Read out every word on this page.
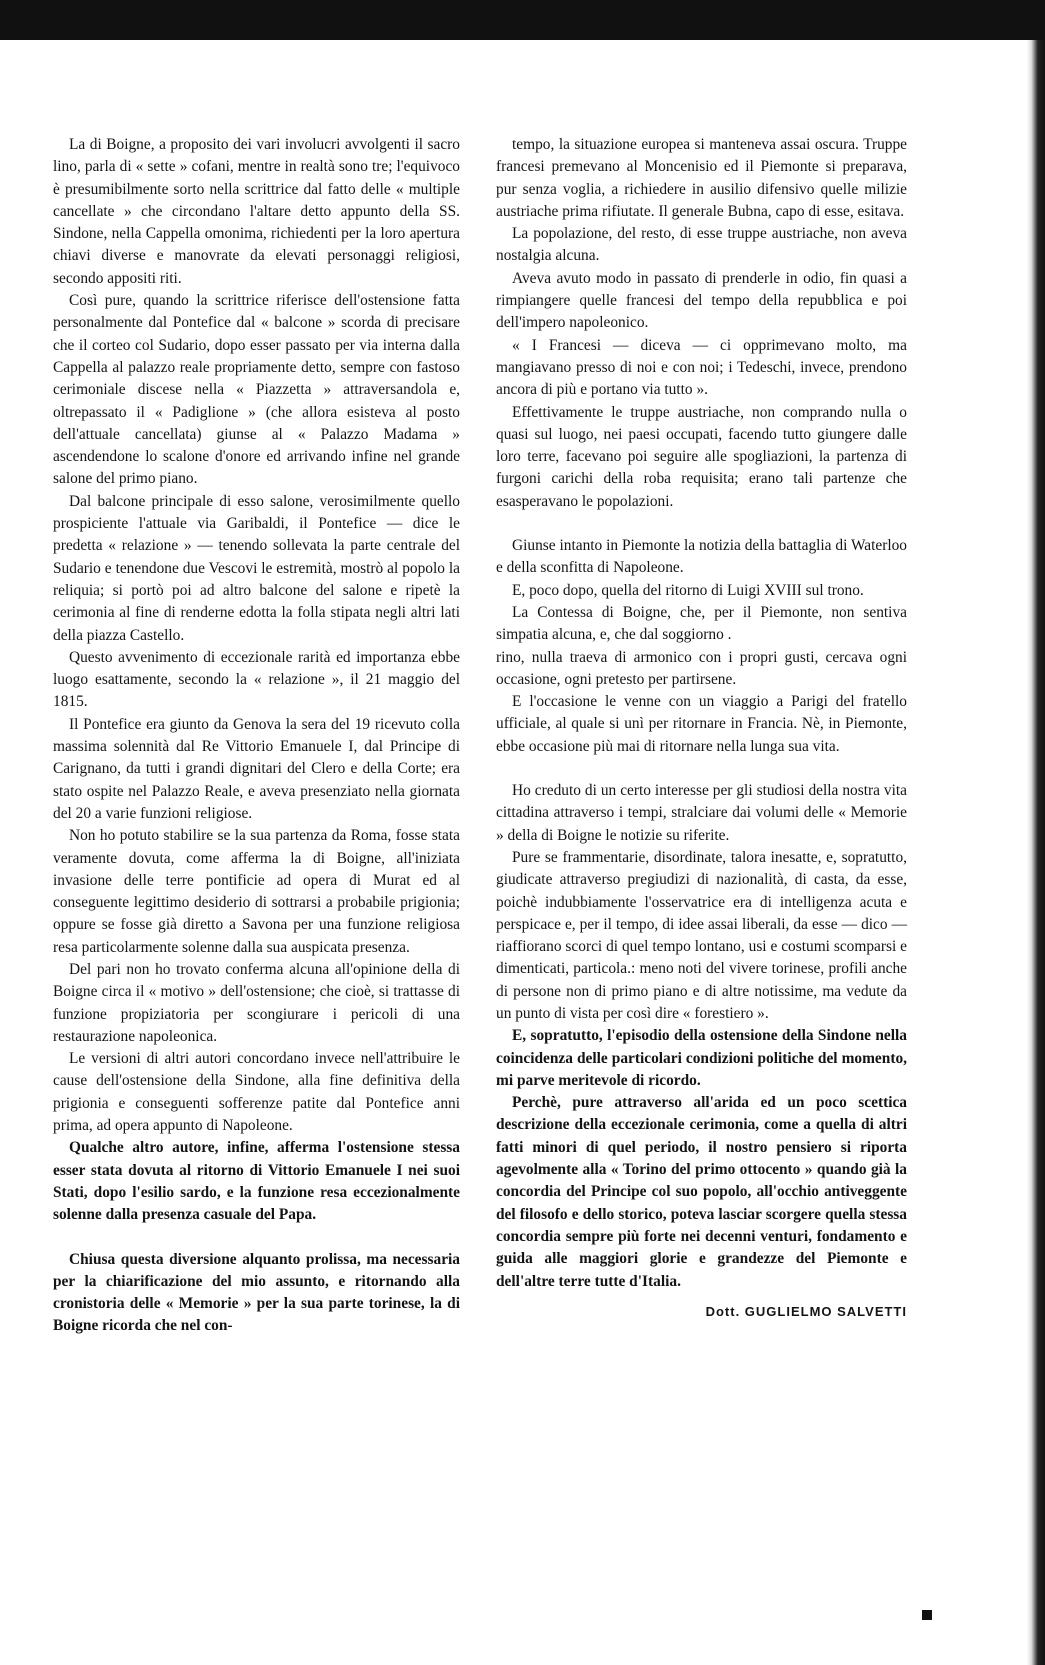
La di Boigne, a proposito dei vari involucri avvolgenti il sacro lino, parla di « sette » cofani, mentre in realtà sono tre; l'equivoco è presumibilmente sorto nella scrittrice dal fatto delle « multiple cancellate » che circondano l'altare detto appunto della SS. Sindone, nella Cappella omonima, richiedenti per la loro apertura chiavi diverse e manovrate da elevati personaggi religiosi, secondo appositi riti.

Così pure, quando la scrittrice riferisce dell'ostensione fatta personalmente dal Pontefice dal « balcone » scorda di precisare che il corteo col Sudario, dopo esser passato per via interna dalla Cappella al palazzo reale propriamente detto, sempre con fastoso cerimoniale discese nella « Piazzetta » attraversandola e, oltrepassato il « Padiglione » (che allora esisteva al posto dell'attuale cancellata) giunse al « Palazzo Madama » ascendendone lo scalone d'onore ed arrivando infine nel grande salone del primo piano.

Dal balcone principale di esso salone, verosimilmente quello prospiciente l'attuale via Garibaldi, il Pontefice — dice le predetta « relazione » — tenendo sollevata la parte centrale del Sudario e tenendone due Vescovi le estremità, mostrò al popolo la reliquia; si portò poi ad altro balcone del salone e ripetè la cerimonia al fine di renderne edotta la folla stipata negli altri lati della piazza Castello.

Questo avvenimento di eccezionale rarità ed importanza ebbe luogo esattamente, secondo la « relazione », il 21 maggio del 1815.

Il Pontefice era giunto da Genova la sera del 19 ricevuto colla massima solennità dal Re Vittorio Emanuele I, dal Principe di Carignano, da tutti i grandi dignitari del Clero e della Corte; era stato ospite nel Palazzo Reale, e aveva presenziato nella giornata del 20 a varie funzioni religiose.

Non ho potuto stabilire se la sua partenza da Roma, fosse stata veramente dovuta, come afferma la di Boigne, all'iniziata invasione delle terre pontificie ad opera di Murat ed al conseguente legittimo desiderio di sottrarsi a probabile prigionia; oppure se fosse già diretto a Savona per una funzione religiosa resa particolarmente solenne dalla sua auspicata presenza.

Del pari non ho trovato conferma alcuna all'opinione della di Boigne circa il « motivo » dell'ostensione; che cioè, si trattasse di funzione propiziatoria per scongiurare i pericoli di una restaurazione napoleonica.

Le versioni di altri autori concordano invece nell'attribuire le cause dell'ostensione della Sindone, alla fine definitiva della prigionia e conseguenti sofferenze patite dal Pontefice anni prima, ad opera appunto di Napoleone.

Qualche altro autore, infine, afferma l'ostensione stessa esser stata dovuta al ritorno di Vittorio Emanuele I nei suoi Stati, dopo l'esilio sardo, e la funzione resa eccezionalmente solenne dalla presenza casuale del Papa.

Chiusa questa diversione alquanto prolissa, ma necessaria per la chiarificazione del mio assunto, e ritornando alla cronistoria delle « Memorie » per la sua parte torinese, la di Boigne ricorda che nel con-

tempo, la situazione europea si manteneva assai oscura. Truppe francesi premevano al Moncenisio ed il Piemonte si preparava, pur senza voglia, a richiedere in ausilio difensivo quelle milizie austriache prima rifiutate. Il generale Bubna, capo di esse, esitava.

La popolazione, del resto, di esse truppe austriache, non aveva nostalgia alcuna.

Aveva avuto modo in passato di prenderle in odio, fin quasi a rimpiangere quelle francesi del tempo della repubblica e poi dell'impero napoleonico.

« I Francesi — diceva — ci opprimevano molto, ma mangiavano presso di noi e con noi; i Tedeschi, invece, prendono ancora di più e portano via tutto ».

Effettivamente le truppe austriache, non comprando nulla o quasi sul luogo, nei paesi occupati, facendo tutto giungere dalle loro terre, facevano poi seguire alle spogliazioni, la partenza di furgoni carichi della roba requisita; erano tali partenze che esasperavano le popolazioni.

Giunse intanto in Piemonte la notizia della battaglia di Waterloo e della sconfitta di Napoleone.

E, poco dopo, quella del ritorno di Luigi XVIII sul trono.

La Contessa di Boigne, che, per il Piemonte, non sentiva simpatia alcuna, e, che dal soggiorno .

rino, nulla traeva di armonico con i propri gusti, cercava ogni occasione, ogni pretesto per partirsene.

E l'occasione le venne con un viaggio a Parigi del fratello ufficiale, al quale si unì per ritornare in Francia. Nè, in Piemonte, ebbe occasione più mai di ritornare nella lunga sua vita.

Ho creduto di un certo interesse per gli studiosi della nostra vita cittadina attraverso i tempi, stralciare dai volumi delle « Memorie » della di Boigne le notizie su riferite.

Pure se frammentarie, disordinate, talora inesatte, e, sopratutto, giudicate attraverso pregiudizi di nazionalità, di casta, da esse, poichè indubbiamente l'osservatrice era di intelligenza acuta e perspicace e, per il tempo, di idee assai liberali, da esse — dico — riaffiorano scorci di quel tempo lontano, usi e costumi scomparsi e dimenticati, particola.: meno noti del vivere torinese, profili anche di persone non di primo piano e di altre notissime, ma vedute da un punto di vista per così dire « forestiero ».

E, sopratutto, l'episodio della ostensione della Sindone nella coincidenza delle particolari condizioni politiche del momento, mi parve meritevole di ricordo.

Perchè, pure attraverso all'arida ed un poco scettica descrizione della eccezionale cerimonia, come a quella di altri fatti minori di quel periodo, il nostro pensiero si riporta agevolmente alla « Torino del primo ottocento » quando già la concordia del Principe col suo popolo, all'occhio antiveggente del filosofo e dello storico, poteva lasciar scorgere quella stessa concordia sempre più forte nei decenni venturi, fondamento e guida alle maggiori glorie e grandezze del Piemonte e dell'altre terre tutte d'Italia.

Dott. GUGLIELMO SALVETTI
